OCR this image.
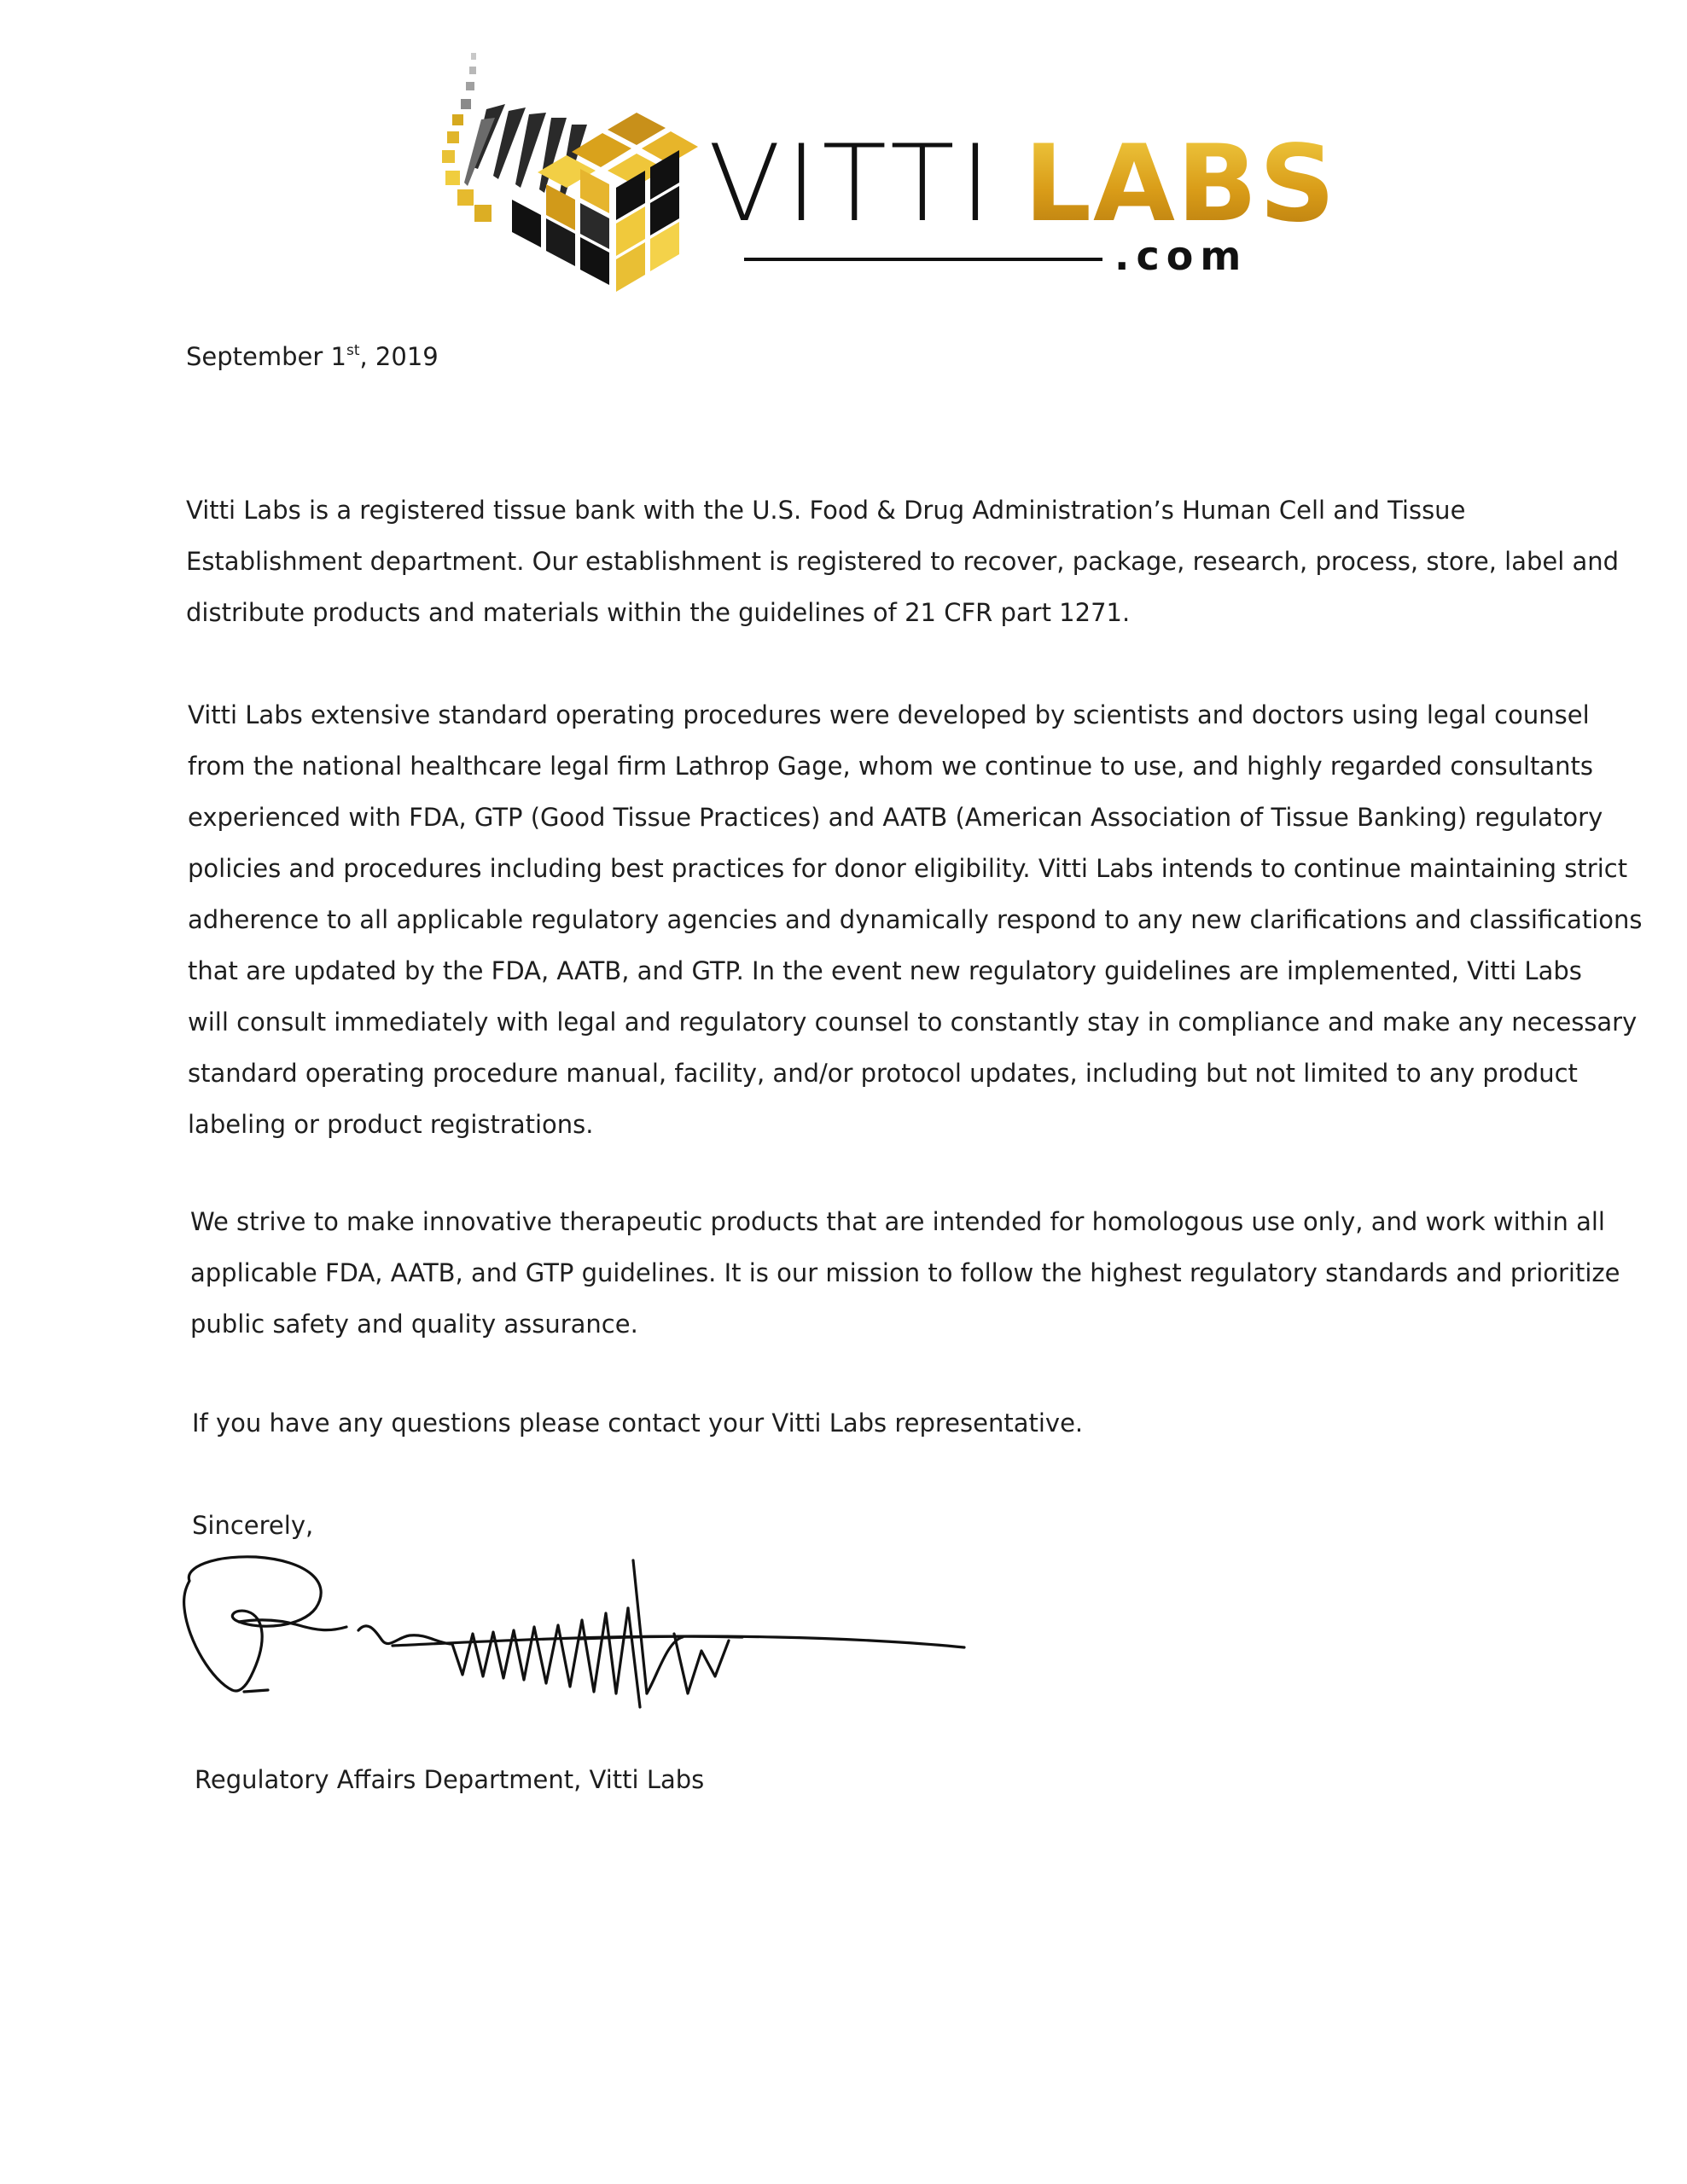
VITTI LABS
.com
September 1st, 2019

Vitti Labs is a registered tissue bank with the U.S. Food & Drug Administration’s Human Cell and Tissue
Establishment department. Our establishment is registered to recover, package, research, process, store, label and
distribute products and materials within the guidelines of 21 CFR part 1271.

Vitti Labs extensive standard operating procedures were developed by scientists and doctors using legal counsel
from the national healthcare legal firm Lathrop Gage, whom we continue to use, and highly regarded consultants
experienced with FDA, GTP (Good Tissue Practices) and AATB (American Association of Tissue Banking) regulatory
policies and procedures including best practices for donor eligibility. Vitti Labs intends to continue maintaining strict
adherence to all applicable regulatory agencies and dynamically respond to any new clarifications and classifications
that are updated by the FDA, AATB, and GTP. In the event new regulatory guidelines are implemented, Vitti Labs
will consult immediately with legal and regulatory counsel to constantly stay in compliance and make any necessary
standard operating procedure manual, facility, and/or protocol updates, including but not limited to any product
labeling or product registrations.

We strive to make innovative therapeutic products that are intended for homologous use only, and work within all
applicable FDA, AATB, and GTP guidelines. It is our mission to follow the highest regulatory standards and prioritize
public safety and quality assurance.

If you have any questions please contact your Vitti Labs representative.

Sincerely,
Regulatory Affairs Department, Vitti Labs
